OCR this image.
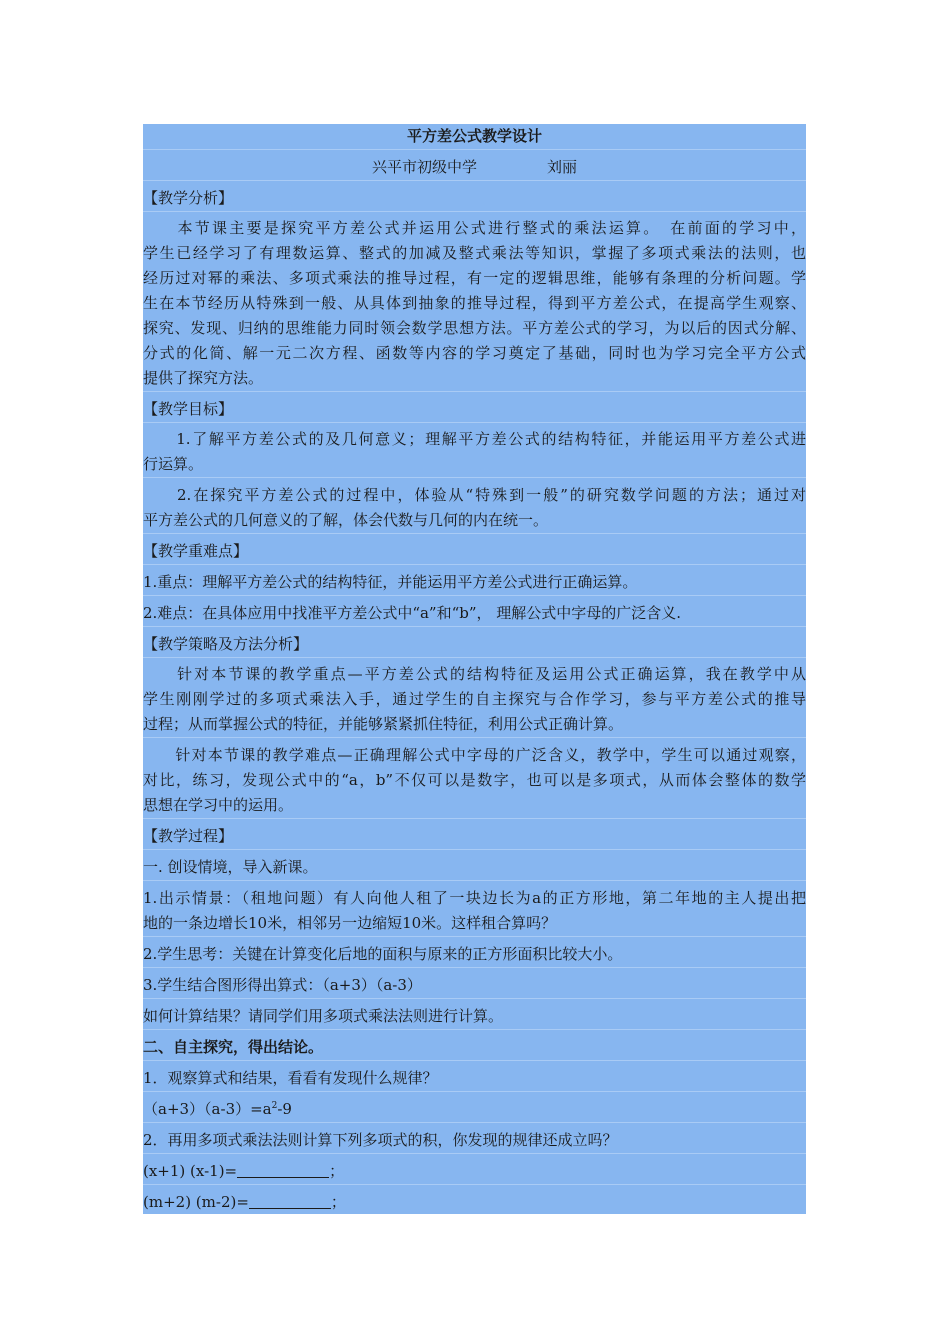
平方差公式教学设计
兴平市初级中学	刘丽
【教学分析】
　　本节课主要是探究平方差公式并运用公式进行整式的乘法运算。　在前面的学习中，
学生已经学习了有理数运算、整式的加减及整式乘法等知识，掌握了多项式乘法的法则，也
经历过对幂的乘法、多项式乘法的推导过程，有一定的逻辑思维，能够有条理的分析问题。学
生在本节经历从特殊到一般、从具体到抽象的推导过程，得到平方差公式，在提高学生观察、
探究、发现、归纳的思维能力同时领会数学思想方法。平方差公式的学习，为以后的因式分解、
分式的化简、解一元二次方程、函数等内容的学习奠定了基础，同时也为学习完全平方公式
提供了探究方法。
【教学目标】
　　1.了解平方差公式的及几何意义；理解平方差公式的结构特征，并能运用平方差公式进
行运算。
　　2.在探究平方差公式的过程中，体验从“特殊到一般”的研究数学问题的方法；通过对
平方差公式的几何意义的了解，体会代数与几何的内在统一。
【教学重难点】
1.重点：理解平方差公式的结构特征，并能运用平方差公式进行正确运算。
2.难点：在具体应用中找准平方差公式中“a”和“b”， 理解公式中字母的广泛含义.
【教学策略及方法分析】
　　针对本节课的教学重点—平方差公式的结构特征及运用公式正确运算，我在教学中从
学生刚刚学过的多项式乘法入手，通过学生的自主探究与合作学习，参与平方差公式的推导
过程；从而掌握公式的特征，并能够紧紧抓住特征，利用公式正确计算。
　　针对本节课的教学难点—正确理解公式中字母的广泛含义，教学中，学生可以通过观察，
对比，练习，发现公式中的“a，b”不仅可以是数字，也可以是多项式，从而体会整体的数学
思想在学习中的运用。
【教学过程】
一. 创设情境，导入新课。
1.出示情景：（租地问题）有人向他人租了一块边长为a的正方形地，第二年地的主人提出把
地的一条边增长10米，相邻另一边缩短10米。这样租合算吗？
2.学生思考：关键在计算变化后地的面积与原来的正方形面积比较大小。
3.学生结合图形得出算式：（a+3）（a-3）
如何计算结果？请同学们用多项式乘法法则进行计算。
二、自主探究，得出结论。
1．观察算式和结果，看看有发现什么规律？
$(a+3)(a-3)=a^2-9$
2．再用多项式乘法法则计算下列多项式的积，你发现的规律还成立吗？
(x+1) (x-1)=	；
(m+2) (m-2)=	；
